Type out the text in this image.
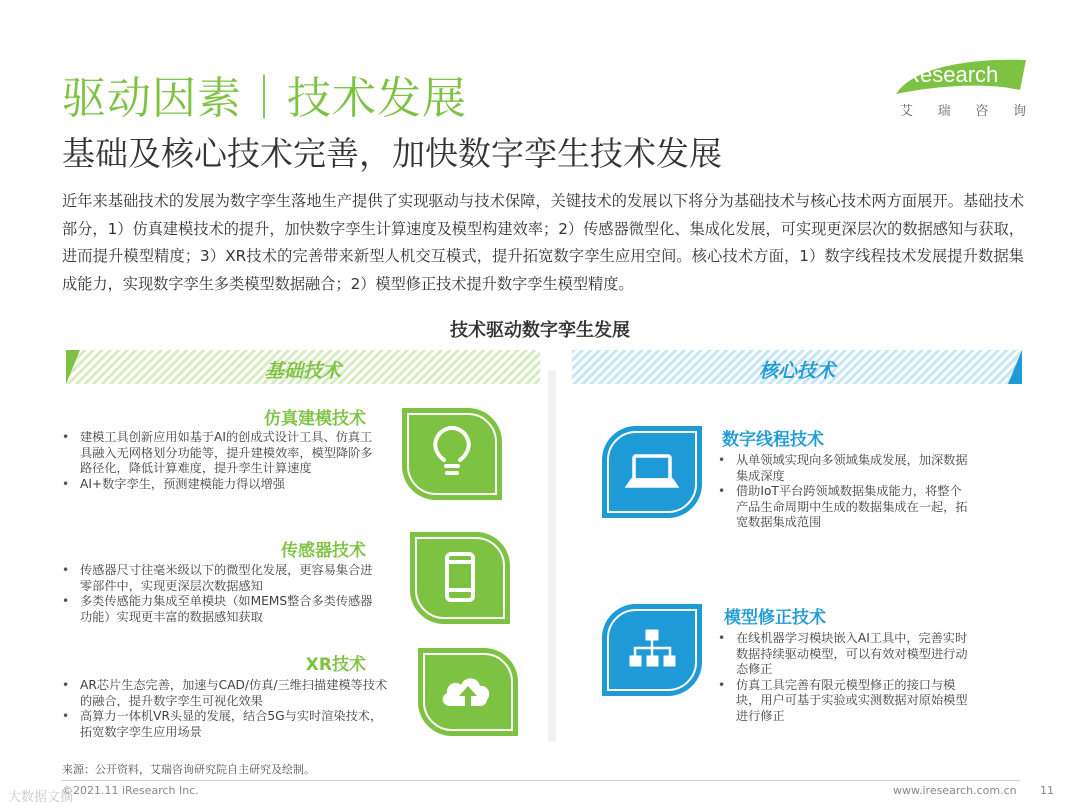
驱动因素｜技术发展
基础及核心技术完善，加快数字孪生技术发展
iResearch
艾 瑞 咨 询
近年来基础技术的发展为数字孪生落地生产提供了实现驱动与技术保障，关键技术的发展以下将分为基础技术与核心技术两方面展开。基础技术部分，1）仿真建模技术的提升，加快数字孪生计算速度及模型构建效率；2）传感器微型化、集成化发展，可实现更深层次的数据感知与获取，进而提升模型精度；3）XR技术的完善带来新型人机交互模式，提升拓宽数字孪生应用空间。核心技术方面，1）数字线程技术发展提升数据集成能力，实现数字孪生多类模型数据融合；2）模型修正技术提升数字孪生模型精度。
技术驱动数字孪生发展
基础技术	核心技术
仿真建模技术
• 建模工具创新应用如基于AI的创成式设计工具、仿真工具融入无网格划分功能等，提升建模效率，模型降阶多路径化，降低计算难度，提升孪生计算速度
• AI+数字孪生，预测建模能力得以增强
传感器技术
• 传感器尺寸往毫米级以下的微型化发展，更容易集合进零部件中，实现更深层次数据感知
• 多类传感能力集成至单模块（如MEMS整合多类传感器功能）实现更丰富的数据感知获取
XR技术
• AR芯片生态完善，加速与CAD/仿真/三维扫描建模等技术的融合，提升数字孪生可视化效果
• 高算力一体机VR头显的发展，结合5G与实时渲染技术，拓宽数字孪生应用场景
数字线程技术
• 从单领域实现向多领域集成发展，加深数据集成深度
• 借助IoT平台跨领域数据集成能力，将整个产品生命周期中生成的数据集成在一起，拓宽数据集成范围
模型修正技术
• 在线机器学习模块嵌入AI工具中，完善实时数据持续驱动模型，可以有效对模型进行动态修正
• 仿真工具完善有限元模型修正的接口与模块，用户可基于实验或实测数据对原始模型进行修正
来源：公开资料，艾瑞咨询研究院自主研究及绘制。
©2021.11 iResearch Inc.
大数据文摘	www.iresearch.com.cn 11
